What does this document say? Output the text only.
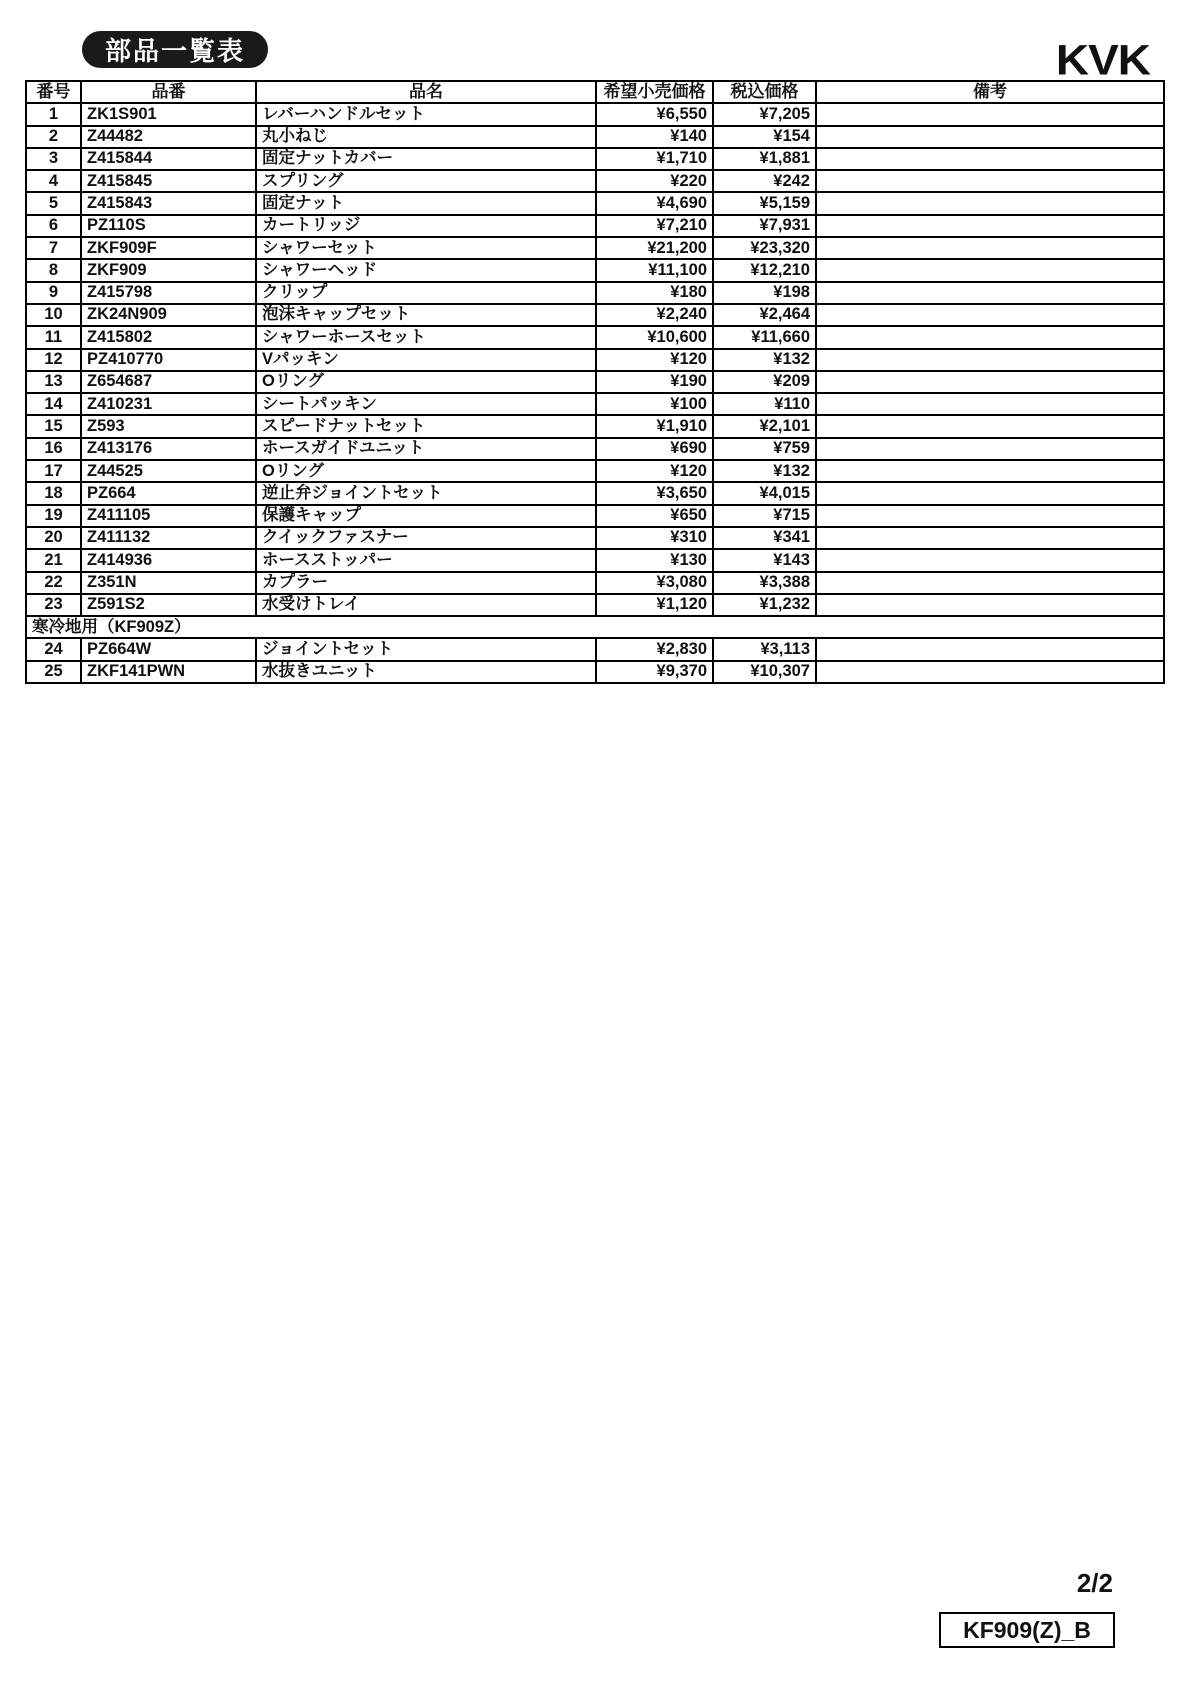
部品一覧表	KVK
番号	品番	品名	希望小売価格	税込価格	備考
1	ZK1S901	レバーハンドルセット	¥6,550	¥7,205	
2	Z44482	丸小ねじ	¥140	¥154	
3	Z415844	固定ナットカバー	¥1,710	¥1,881	
4	Z415845	スプリング	¥220	¥242	
5	Z415843	固定ナット	¥4,690	¥5,159	
6	PZ110S	カートリッジ	¥7,210	¥7,931	
7	ZKF909F	シャワーセット	¥21,200	¥23,320	
8	ZKF909	シャワーヘッド	¥11,100	¥12,210	
9	Z415798	クリップ	¥180	¥198	
10	ZK24N909	泡沫キャップセット	¥2,240	¥2,464	
11	Z415802	シャワーホースセット	¥10,600	¥11,660	
12	PZ410770	Vパッキン	¥120	¥132	
13	Z654687	Oリング	¥190	¥209	
14	Z410231	シートパッキン	¥100	¥110	
15	Z593	スピードナットセット	¥1,910	¥2,101	
16	Z413176	ホースガイドユニット	¥690	¥759	
17	Z44525	Oリング	¥120	¥132	
18	PZ664	逆止弁ジョイントセット	¥3,650	¥4,015	
19	Z411105	保護キャップ	¥650	¥715	
20	Z411132	クイックファスナー	¥310	¥341	
21	Z414936	ホースストッパー	¥130	¥143	
22	Z351N	カプラー	¥3,080	¥3,388	
23	Z591S2	水受けトレイ	¥1,120	¥1,232	
寒冷地用（KF909Z）					
24	PZ664W	ジョイントセット	¥2,830	¥3,113	
25	ZKF141PWN	水抜きユニット	¥9,370	¥10,307	
2/2
KF909(Z)_B
